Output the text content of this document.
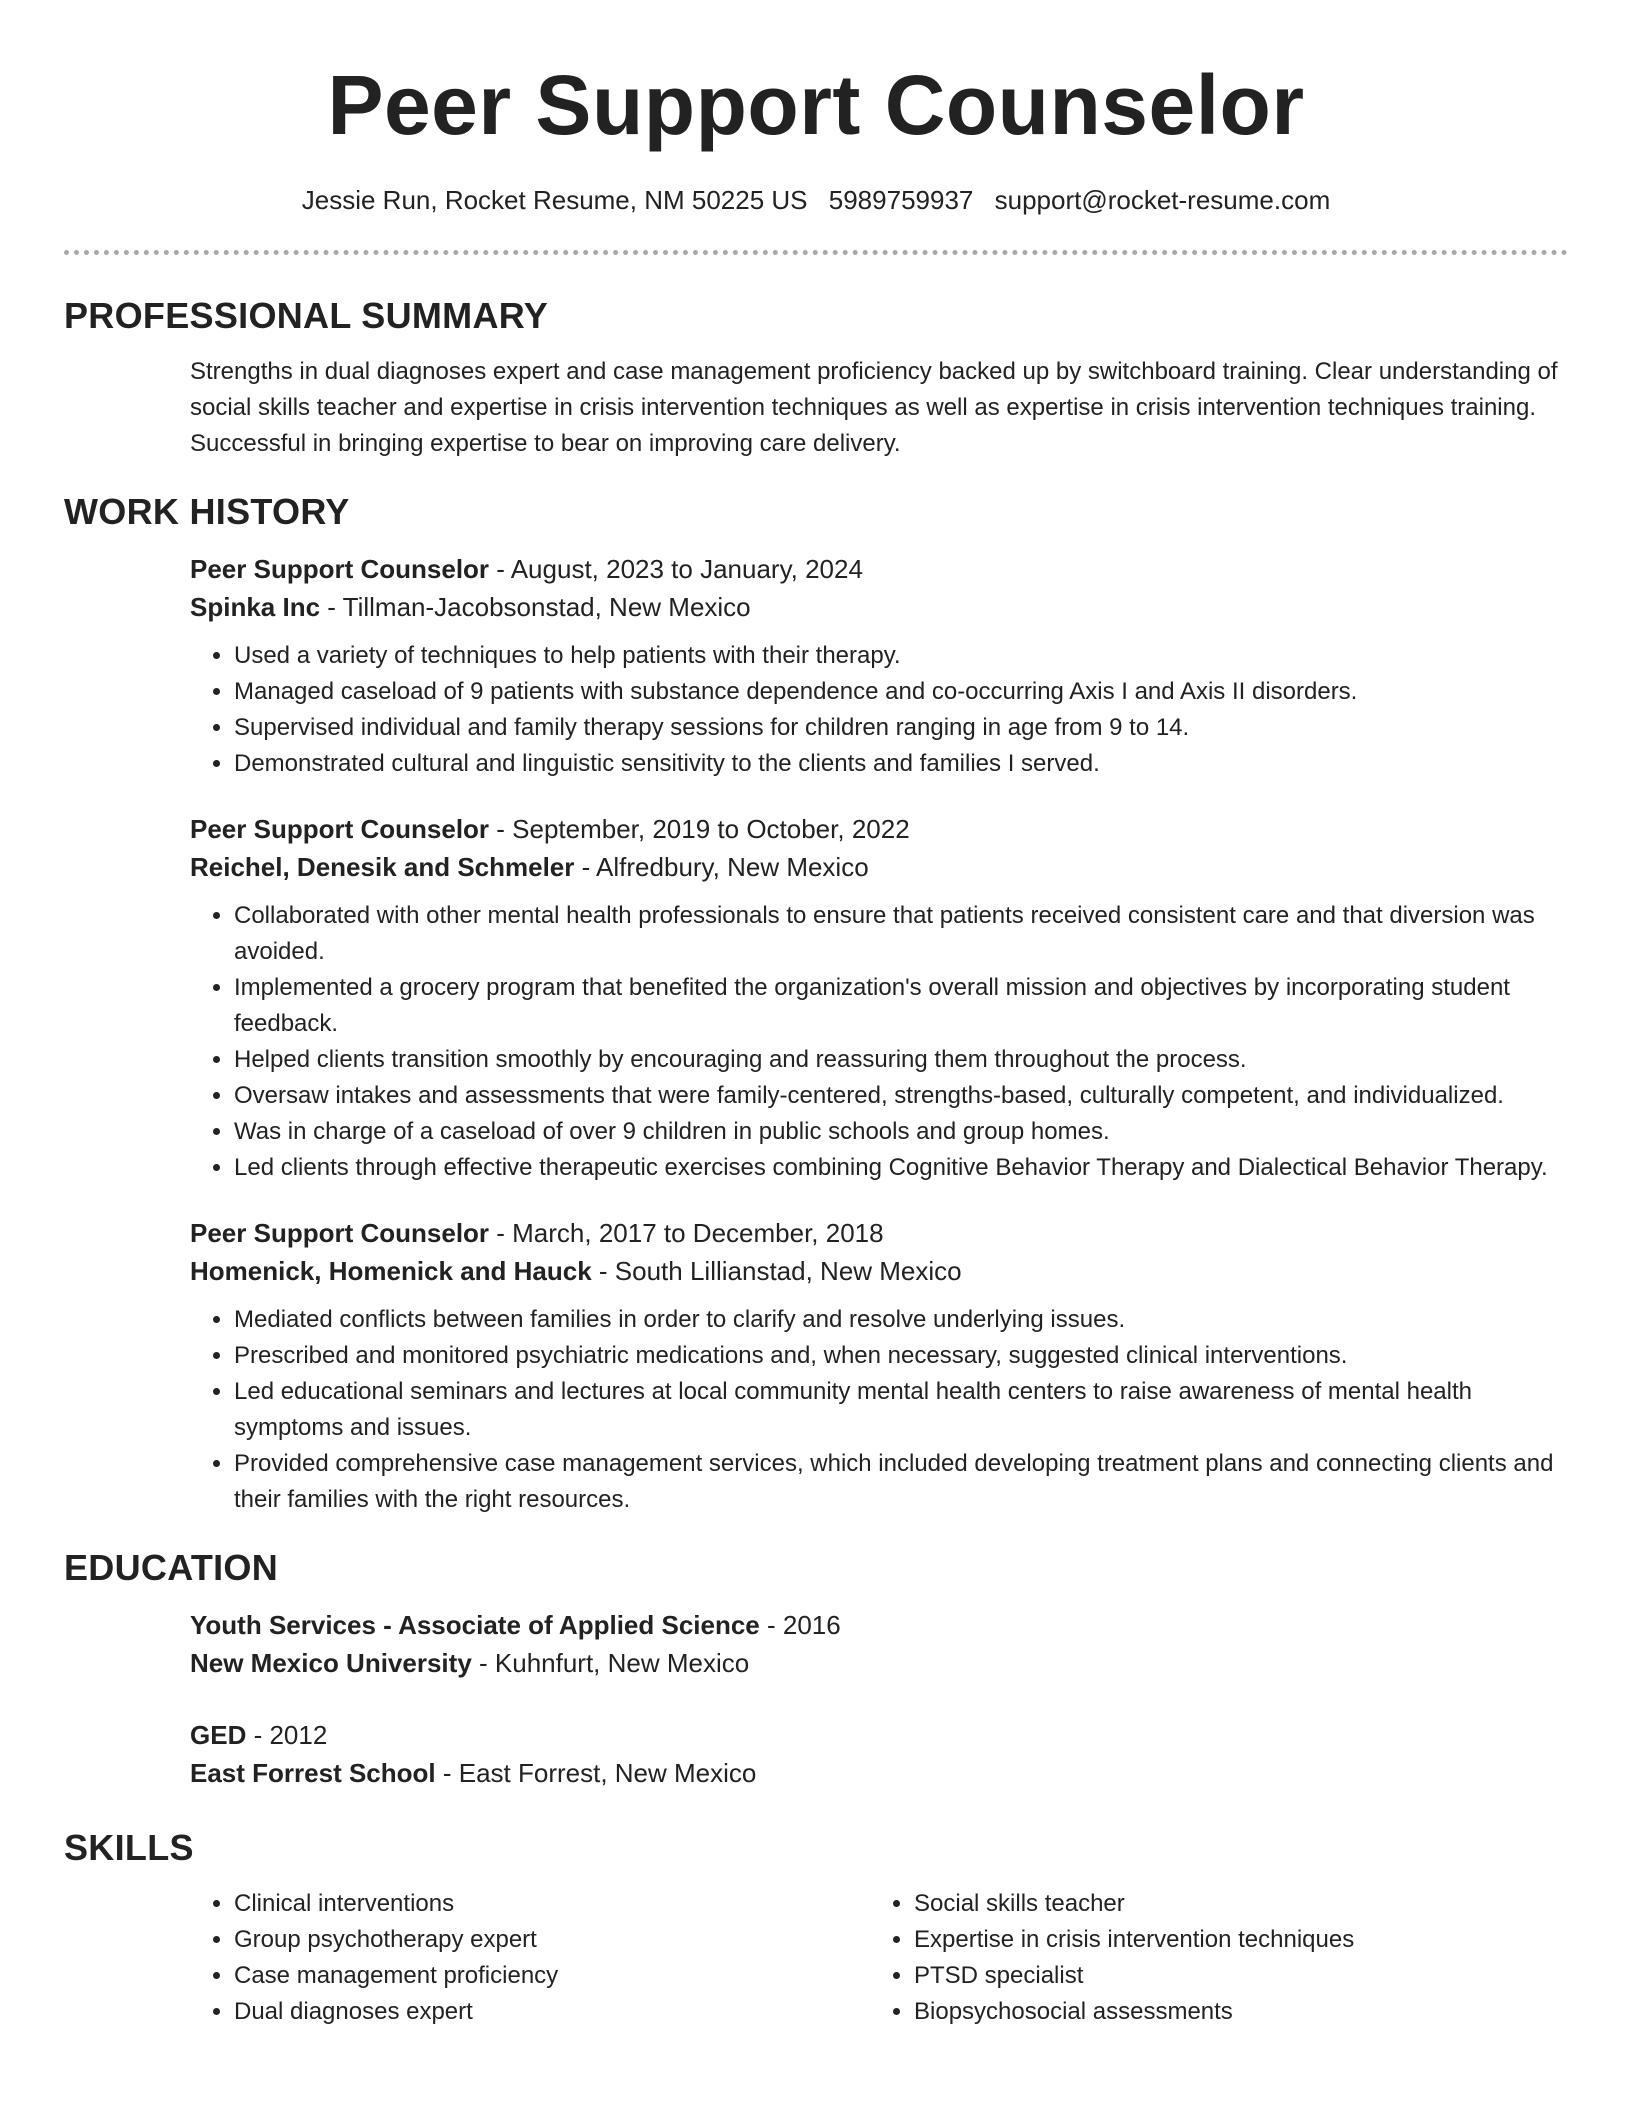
Peer Support Counselor
Jessie Run, Rocket Resume, NM 50225 US 5989759937 support@rocket-resume.com
PROFESSIONAL SUMMARY
Strengths in dual diagnoses expert and case management proficiency backed up by switchboard training. Clear understanding of social skills teacher and expertise in crisis intervention techniques as well as expertise in crisis intervention techniques training. Successful in bringing expertise to bear on improving care delivery.
WORK HISTORY
Peer Support Counselor - August, 2023 to January, 2024
Spinka Inc - Tillman-Jacobsonstad, New Mexico
• Used a variety of techniques to help patients with their therapy.
• Managed caseload of 9 patients with substance dependence and co-occurring Axis I and Axis II disorders.
• Supervised individual and family therapy sessions for children ranging in age from 9 to 14.
• Demonstrated cultural and linguistic sensitivity to the clients and families I served.
Peer Support Counselor - September, 2019 to October, 2022
Reichel, Denesik and Schmeler - Alfredbury, New Mexico
• Collaborated with other mental health professionals to ensure that patients received consistent care and that diversion was avoided.
• Implemented a grocery program that benefited the organization's overall mission and objectives by incorporating student feedback.
• Helped clients transition smoothly by encouraging and reassuring them throughout the process.
• Oversaw intakes and assessments that were family-centered, strengths-based, culturally competent, and individualized.
• Was in charge of a caseload of over 9 children in public schools and group homes.
• Led clients through effective therapeutic exercises combining Cognitive Behavior Therapy and Dialectical Behavior Therapy.
Peer Support Counselor - March, 2017 to December, 2018
Homenick, Homenick and Hauck - South Lillianstad, New Mexico
• Mediated conflicts between families in order to clarify and resolve underlying issues.
• Prescribed and monitored psychiatric medications and, when necessary, suggested clinical interventions.
• Led educational seminars and lectures at local community mental health centers to raise awareness of mental health symptoms and issues.
• Provided comprehensive case management services, which included developing treatment plans and connecting clients and their families with the right resources.
EDUCATION
Youth Services - Associate of Applied Science - 2016
New Mexico University - Kuhnfurt, New Mexico
GED - 2012
East Forrest School - East Forrest, New Mexico
SKILLS
• Clinical interventions
• Group psychotherapy expert
• Case management proficiency
• Dual diagnoses expert
• Social skills teacher
• Expertise in crisis intervention techniques
• PTSD specialist
• Biopsychosocial assessments
